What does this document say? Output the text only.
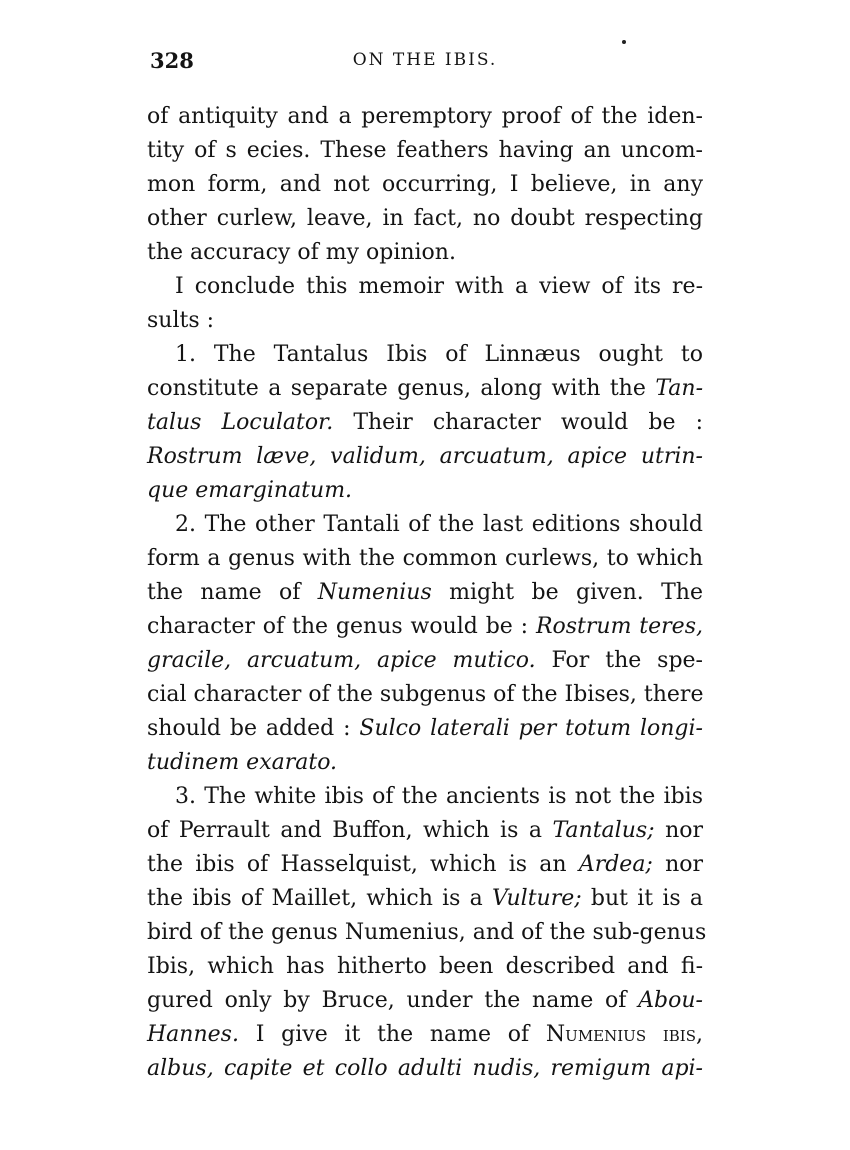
328	ON THE IBIS.
of antiquity and a peremptory proof of the iden-
tity of s ecies. These feathers having an uncom-
mon form, and not occurring, I believe, in any
other curlew, leave, in fact, no doubt respecting
the accuracy of my opinion.
I conclude this memoir with a view of its re-
sults :
1. The Tantalus Ibis of Linnæus ought to
constitute a separate genus, along with the Tan-
talus Loculator. Their character would be :
Rostrum læve, validum, arcuatum, apice utrin-
que emarginatum.
2. The other Tantali of the last editions should
form a genus with the common curlews, to which
the name of Numenius might be given. The
character of the genus would be : Rostrum teres,
gracile, arcuatum, apice mutico. For the spe-
cial character of the subgenus of the Ibises, there
should be added : Sulco laterali per totum longi-
tudinem exarato.
3. The white ibis of the ancients is not the ibis
of Perrault and Buffon, which is a Tantalus; nor
the ibis of Hasselquist, which is an Ardea; nor
the ibis of Maillet, which is a Vulture; but it is a
bird of the genus Numenius, and of the sub-genus
Ibis, which has hitherto been described and fi-
gured only by Bruce, under the name of Abou-
Hannes. I give it the name of Numenius ibis,
albus, capite et collo adulti nudis, remigum api-
